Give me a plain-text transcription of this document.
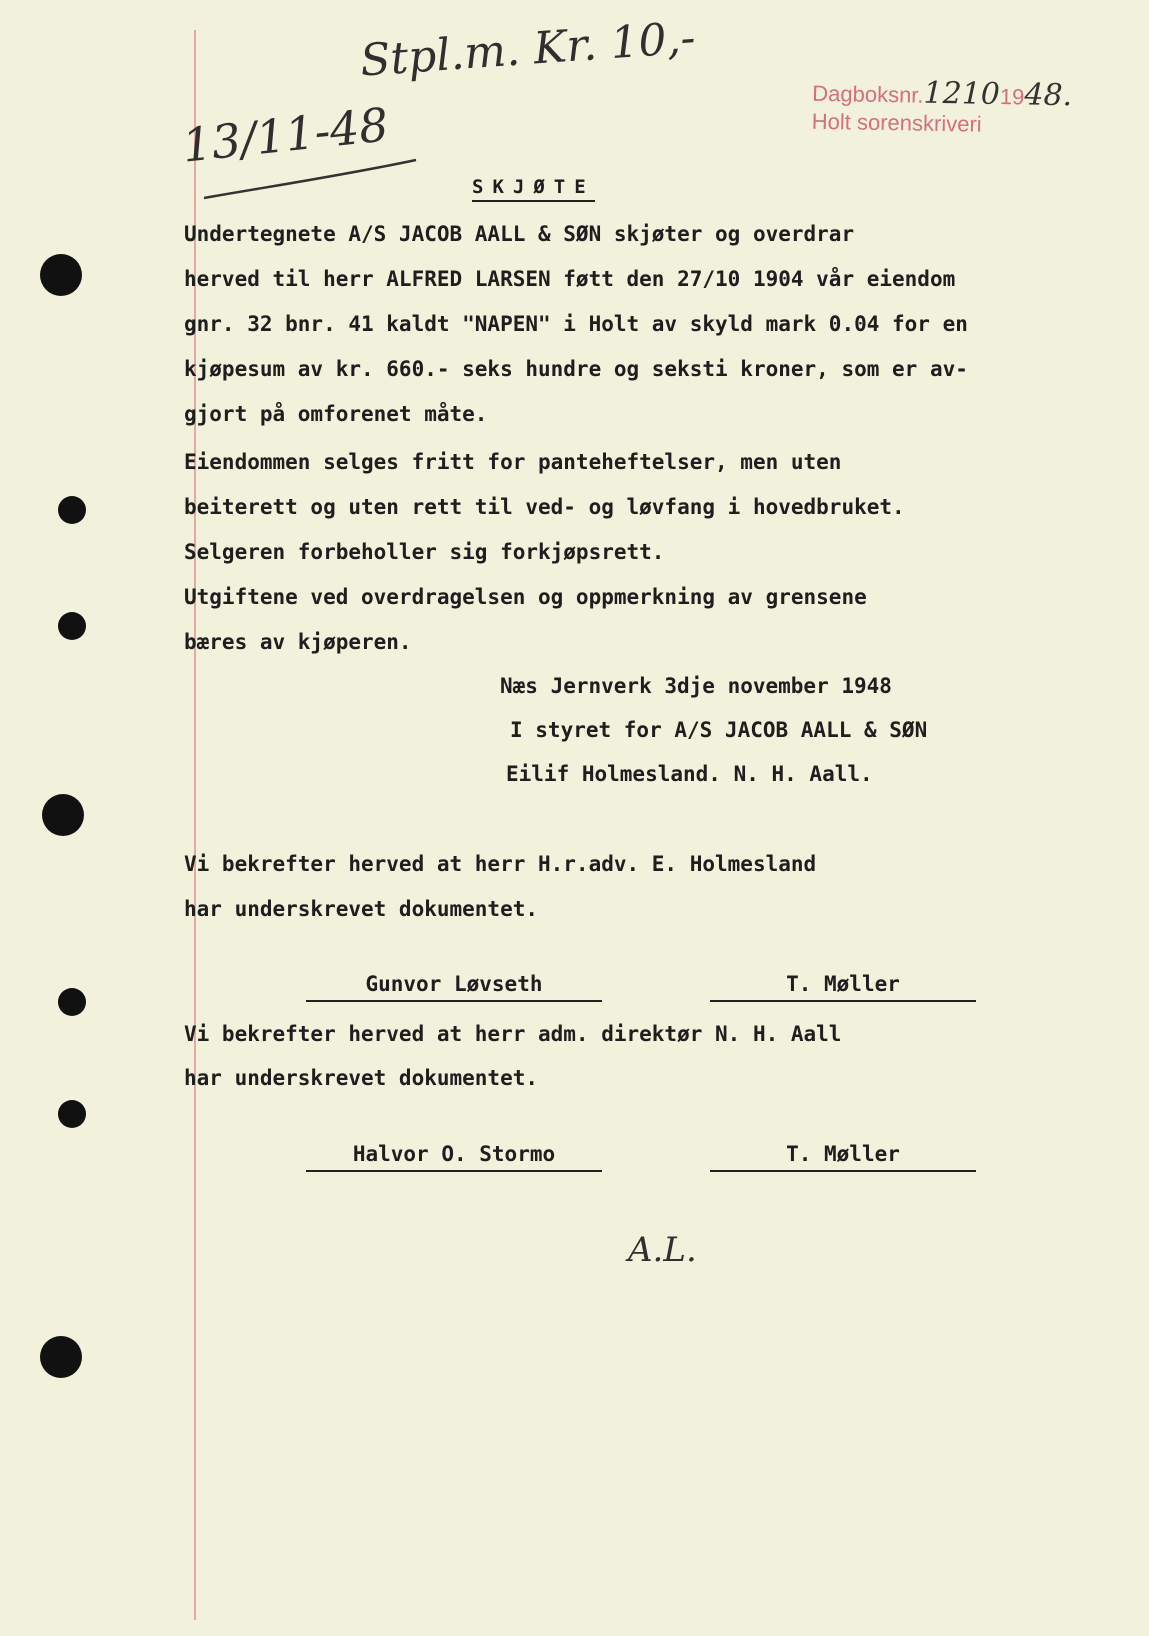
Stpl.m. Kr. 10,-
13/11-48
A.L.
Dagboksnr.12101948.
Holt sorenskriveri
SKJØTE
Undertegnete A/S JACOB AALL & SØN skjøter og overdrar
herved til herr ALFRED LARSEN føtt den 27/10 1904 vår eiendom
gnr. 32 bnr. 41 kaldt "NAPEN" i Holt av skyld mark 0.04 for en
kjøpesum av kr. 660.- seks hundre og seksti kroner, som er av-
gjort på omforenet måte.
Eiendommen selges fritt for panteheftelser, men uten
beiterett og uten rett til ved- og løvfang i hovedbruket.
Selgeren forbeholler sig forkjøpsrett.
Utgiftene ved overdragelsen og oppmerkning av grensene
bæres av kjøperen.
Næs Jernverk 3dje november 1948
I styret for A/S JACOB AALL & SØN
Eilif Holmesland. N. H. Aall.
Vi bekrefter herved at herr H.r.adv. E. Holmesland
har underskrevet dokumentet.
Vi bekrefter herved at herr adm. direktør N. H. Aall
har underskrevet dokumentet.
Gunvor Løvseth	T. Møller
Halvor O. Stormo	T. Møller
